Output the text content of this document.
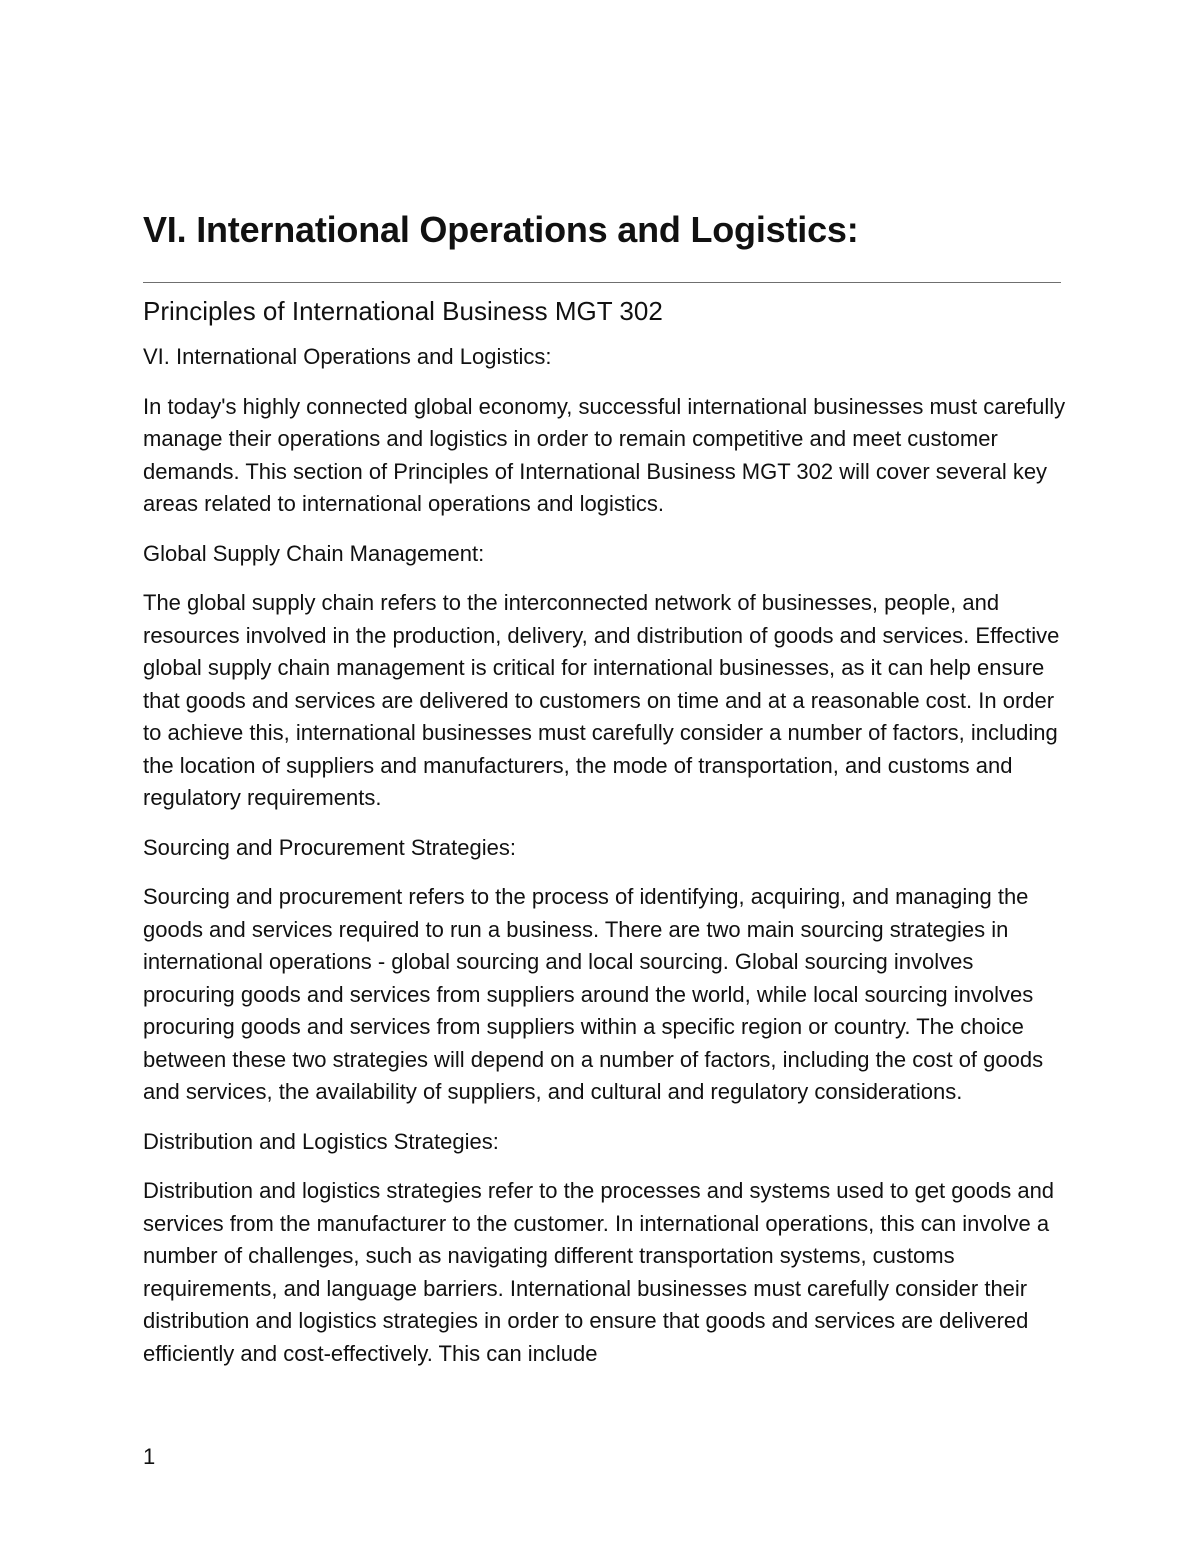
VI. International Operations and Logistics:
Principles of International Business MGT 302

VI. International Operations and Logistics:

In today's highly connected global economy, successful international businesses must carefully manage their operations and logistics in order to remain competitive and meet customer demands. This section of Principles of International Business MGT 302 will cover several key areas related to international operations and logistics.

Global Supply Chain Management:

The global supply chain refers to the interconnected network of businesses, people, and resources involved in the production, delivery, and distribution of goods and services. Effective global supply chain management is critical for international businesses, as it can help ensure that goods and services are delivered to customers on time and at a reasonable cost. In order to achieve this, international businesses must carefully consider a number of factors, including the location of suppliers and manufacturers, the mode of transportation, and customs and regulatory requirements.

Sourcing and Procurement Strategies:

Sourcing and procurement refers to the process of identifying, acquiring, and managing the goods and services required to run a business. There are two main sourcing strategies in international operations - global sourcing and local sourcing. Global sourcing involves procuring goods and services from suppliers around the world, while local sourcing involves procuring goods and services from suppliers within a specific region or country. The choice between these two strategies will depend on a number of factors, including the cost of goods and services, the availability of suppliers, and cultural and regulatory considerations.

Distribution and Logistics Strategies:

Distribution and logistics strategies refer to the processes and systems used to get goods and services from the manufacturer to the customer. In international operations, this can involve a number of challenges, such as navigating different transportation systems, customs requirements, and language barriers. International businesses must carefully consider their distribution and logistics strategies in order to ensure that goods and services are delivered efficiently and cost-effectively. This can include

1
